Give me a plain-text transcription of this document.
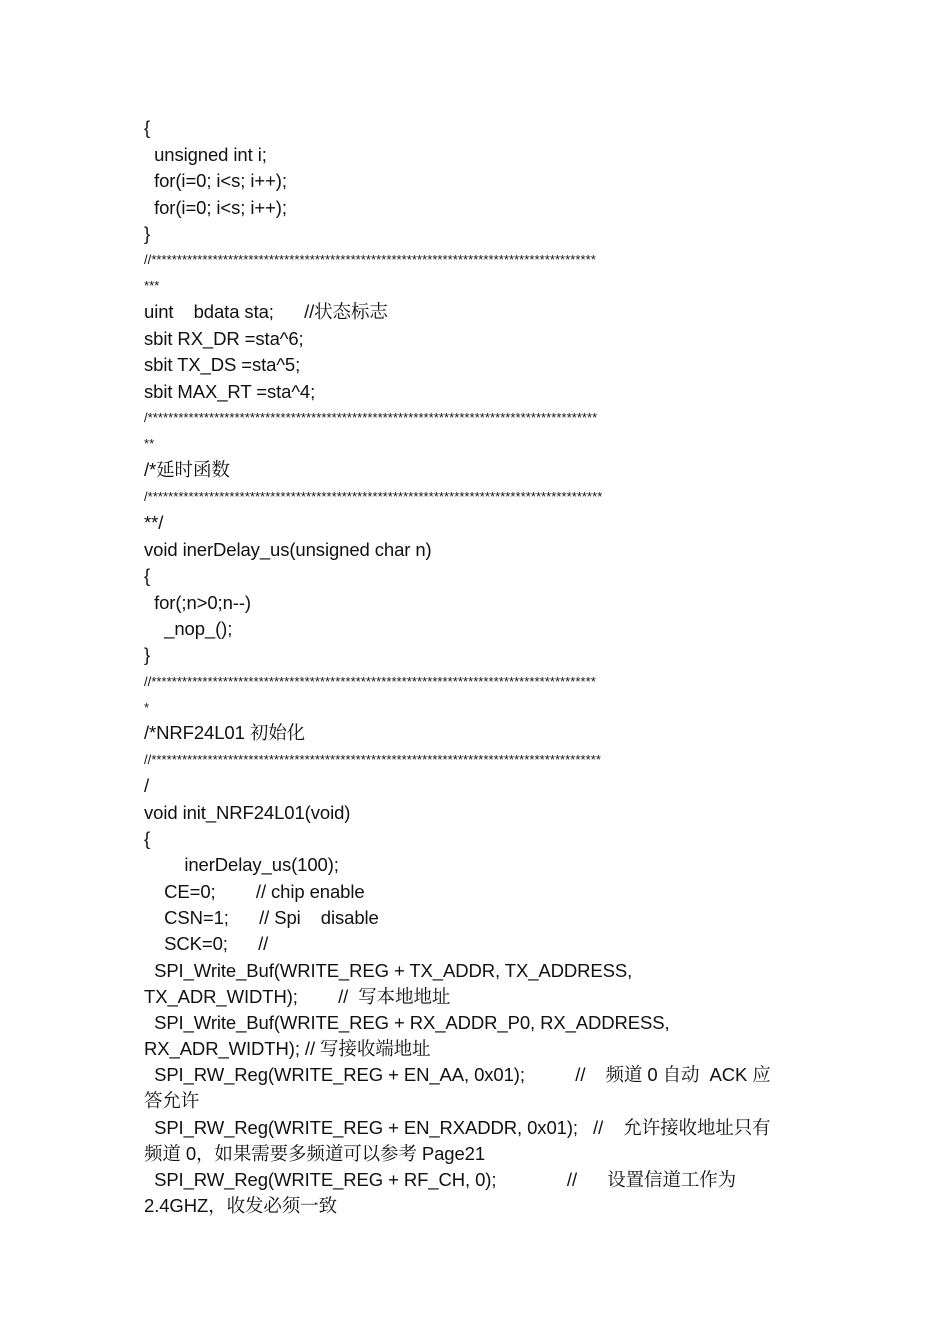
{
unsigned int i;
for(i=0; i<s; i++);
for(i=0; i<s; i++);
}
//***************************************************************************************
***
uint    bdata sta;      //状态标志
sbit RX_DR =sta^6;
sbit TX_DS =sta^5;
sbit MAX_RT =sta^4;
/****************************************************************************************
**
/*延时函数
/*****************************************************************************************
**/
void inerDelay_us(unsigned char n)
{
for(;n>0;n--)
_nop_();
}
//***************************************************************************************
*
/*NRF24L01 初始化
//****************************************************************************************
/
void init_NRF24L01(void)
{
inerDelay_us(100);
CE=0;        // chip enable
CSN=1;      // Spi    disable
SCK=0;      //
SPI_Write_Buf(WRITE_REG + TX_ADDR, TX_ADDRESS,
TX_ADR_WIDTH);        //  写本地地址
SPI_Write_Buf(WRITE_REG + RX_ADDR_P0, RX_ADDRESS,
RX_ADR_WIDTH); // 写接收端地址
SPI_RW_Reg(WRITE_REG + EN_AA, 0x01);          //    频道 0 自动  ACK 应
答允许
SPI_RW_Reg(WRITE_REG + EN_RXADDR, 0x01);   //    允许接收地址只有
频道 0，如果需要多频道可以参考 Page21
SPI_RW_Reg(WRITE_REG + RF_CH, 0);              //      设置信道工作为
2.4GHZ，收发必须一致
